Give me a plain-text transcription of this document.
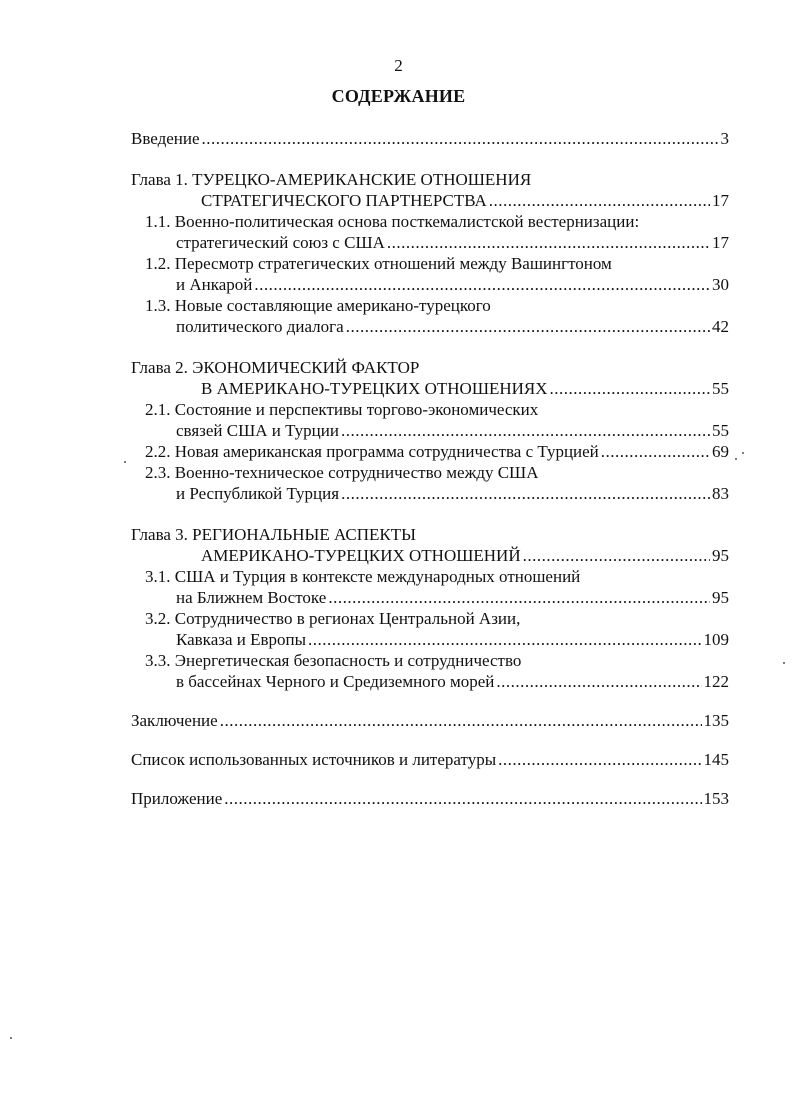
2
СОДЕРЖАНИЕ
Введение .....	3
Глава 1. ТУРЕЦКО-АМЕРИКАНСКИЕ ОТНОШЕНИЯ
СТРАТЕГИЧЕСКОГО ПАРТНЕРСТВА .....	17
1.1. Военно-политическая основа посткемалистской вестернизации:
стратегический союз с США .....	17
1.2. Пересмотр стратегических отношений между Вашингтоном
и Анкарой .....	30
1.3. Новые составляющие американо-турецкого
политического диалога .....	42
Глава 2. ЭКОНОМИЧЕСКИЙ ФАКТОР
В АМЕРИКАНО-ТУРЕЦКИХ ОТНОШЕНИЯХ .....	55
2.1. Состояние и перспективы торгово-экономических
связей США и Турции .....	55
2.2. Новая американская программа сотрудничества с Турцией .....	69
2.3. Военно-техническое сотрудничество между США
и Республикой Турция .....	83
Глава 3. РЕГИОНАЛЬНЫЕ АСПЕКТЫ
АМЕРИКАНО-ТУРЕЦКИХ ОТНОШЕНИЙ .....	95
3.1. США и Турция в контексте международных отношений
на Ближнем Востоке .....	95
3.2. Сотрудничество в регионах Центральной Азии,
Кавказа и Европы .....	109
3.3. Энергетическая безопасность и сотрудничество
в бассейнах Черного и Средиземного морей .....	122
Заключение .....	135
Список использованных источников и литературы .....	145
Приложение .....	153
